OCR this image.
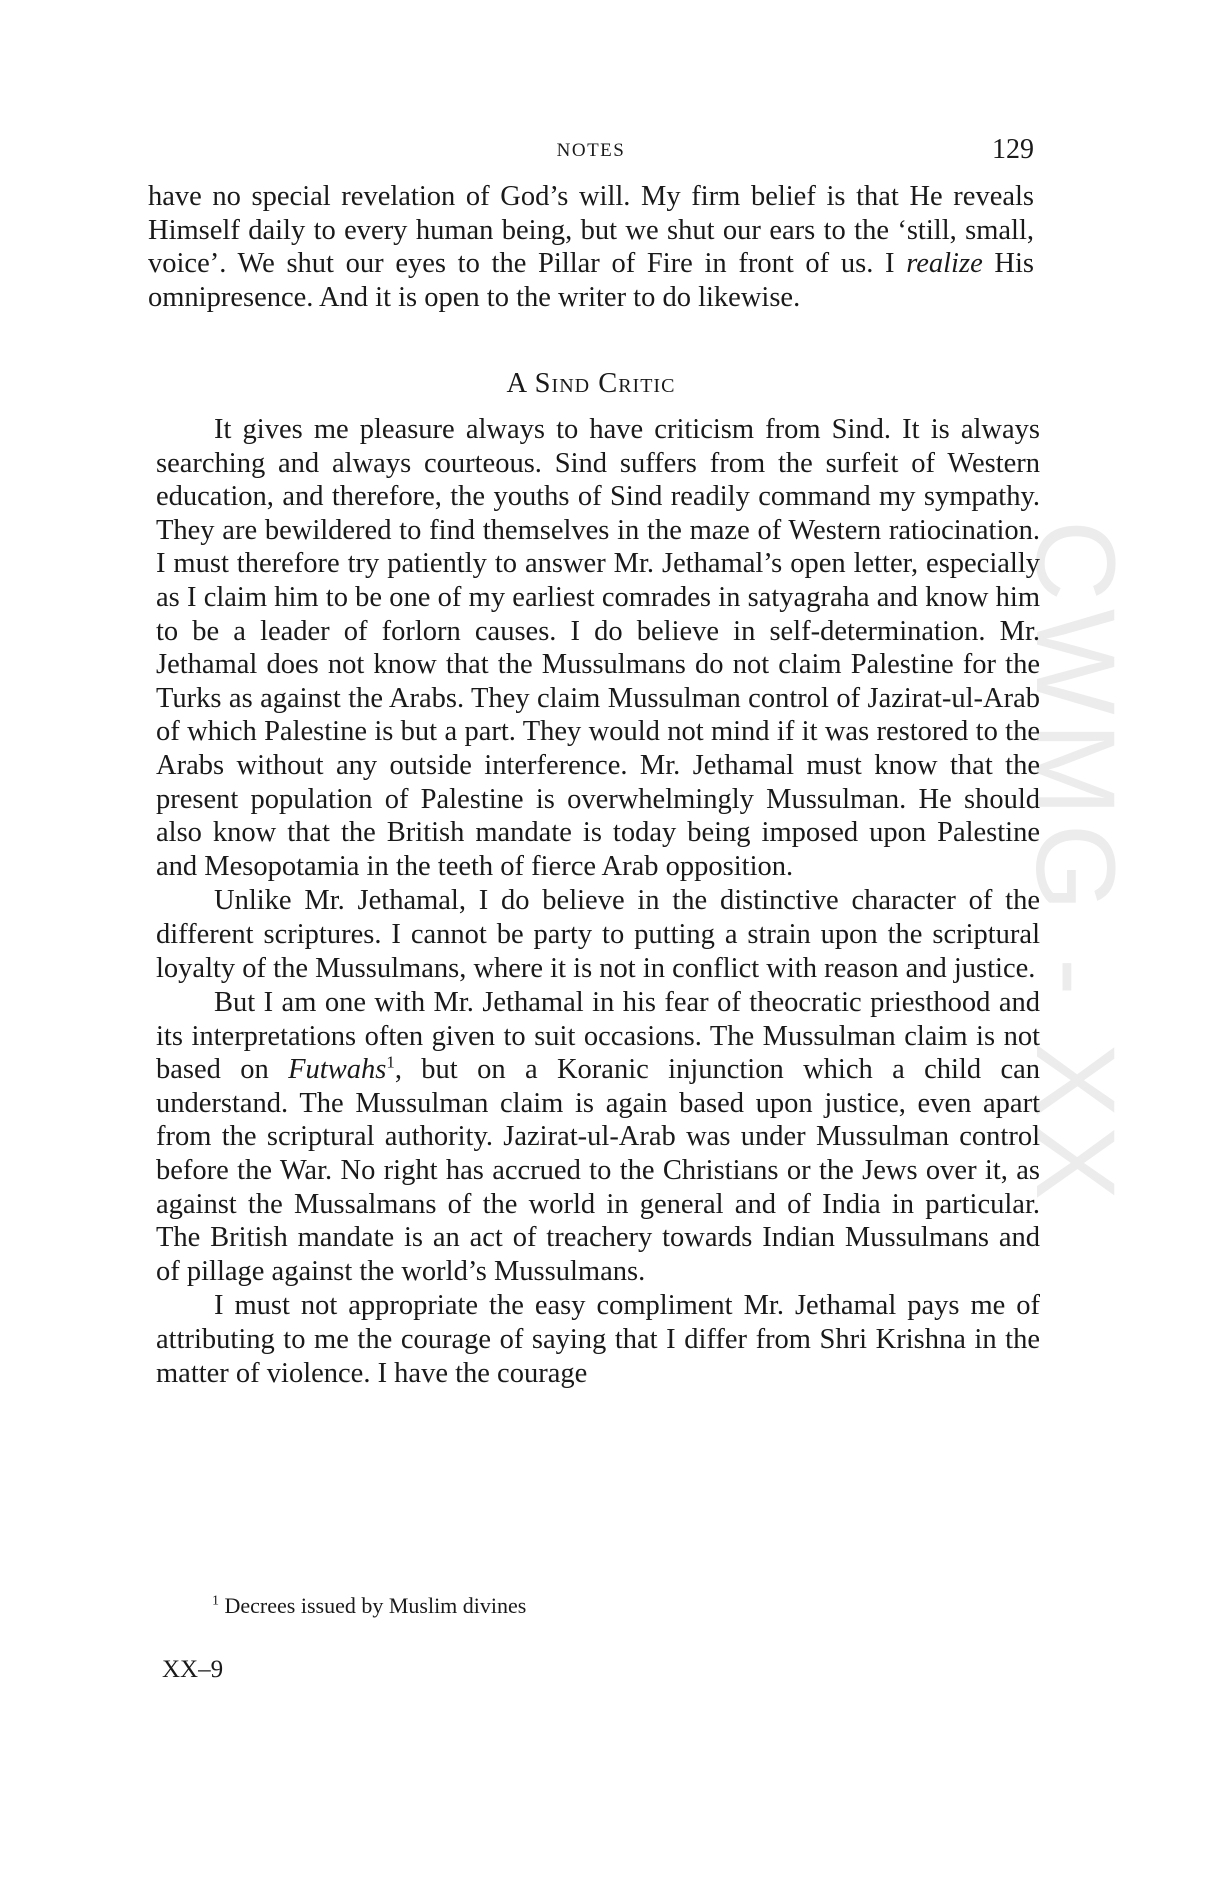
CWMG - XX
NOTES	129

have no special revelation of God’s will. My firm belief is that He reveals Himself daily to every human being, but we shut our ears to the ‘still, small, voice’. We shut our eyes to the Pillar of Fire in front of us. I realize His omnipresence. And it is open to the writer to do likewise.

A Sind Critic

It gives me pleasure always to have criticism from Sind. It is always searching and always courteous. Sind suffers from the surfeit of Western education, and therefore, the youths of Sind readily command my sympathy. They are bewildered to find themselves in the maze of Western ratiocination. I must therefore try patiently to answer Mr. Jethamal’s open letter, especially as I claim him to be one of my earliest comrades in satyagraha and know him to be a leader of forlorn causes. I do believe in self-determination. Mr. Jethamal does not know that the Mussulmans do not claim Palestine for the Turks as against the Arabs. They claim Mussulman control of Jazirat-ul-Arab of which Palestine is but a part. They would not mind if it was restored to the Arabs without any outside interference. Mr. Jethamal must know that the present population of Palestine is overwhelmingly Mussulman. He should also know that the British mandate is today being imposed upon Palestine and Mesopotamia in the teeth of fierce Arab opposition.

Unlike Mr. Jethamal, I do believe in the distinctive character of the different scriptures. I cannot be party to putting a strain upon the scriptural loyalty of the Mussulmans, where it is not in conflict with reason and justice.

But I am one with Mr. Jethamal in his fear of theocratic priesthood and its interpretations often given to suit occasions. The Mussulman claim is not based on Futwahs$^1$, but on a Koranic injunction which a child can understand. The Mussulman claim is again based upon justice, even apart from the scriptural authority. Jazirat-ul-Arab was under Mussulman control before the War. No right has accrued to the Christians or the Jews over it, as against the Mussalmans of the world in general and of India in particular. The British mandate is an act of treachery towards Indian Mussulmans and of pillage against the world’s Mussulmans.

I must not appropriate the easy compliment Mr. Jethamal pays me of attributing to me the courage of saying that I differ from Shri Krishna in the matter of violence. I have the courage

$^1$ Decrees issued by Muslim divines
XX–9
